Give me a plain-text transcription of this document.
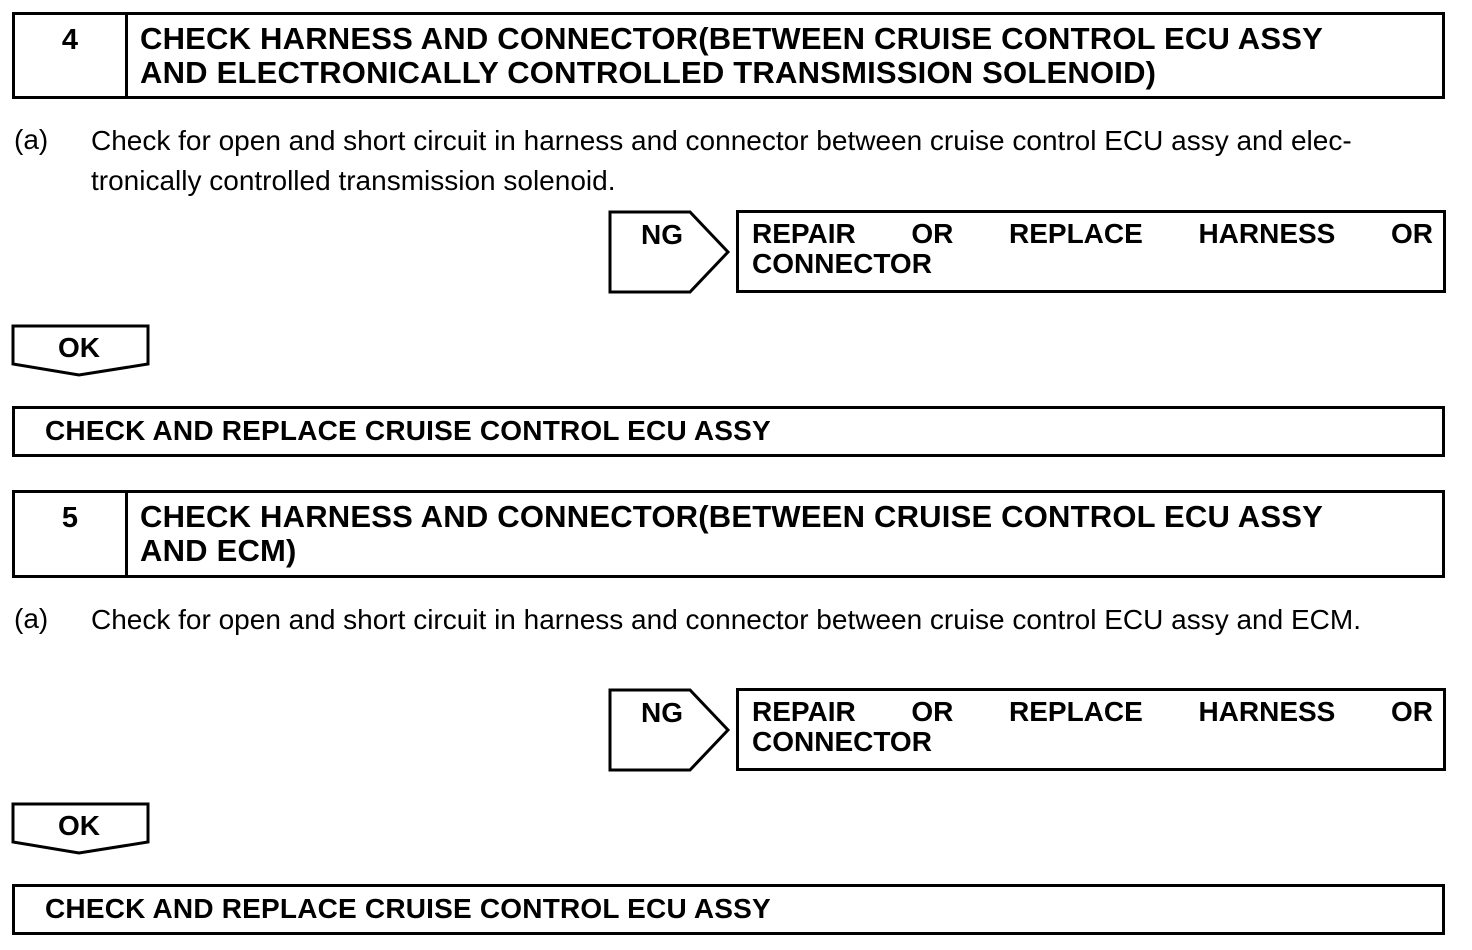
4	CHECK HARNESS AND CONNECTOR(BETWEEN CRUISE CONTROL ECU ASSY
AND ELECTRONICALLY CONTROLLED TRANSMISSION SOLENOID)
(a) Check for open and short circuit in harness and connector between cruise control ECU assy and elec-
tronically controlled transmission solenoid.
NG REPAIR OR REPLACE HARNESS OR
CONNECTOR
OK
CHECK AND REPLACE CRUISE CONTROL ECU ASSY
5	CHECK HARNESS AND CONNECTOR(BETWEEN CRUISE CONTROL ECU ASSY
AND ECM)
(a) Check for open and short circuit in harness and connector between cruise control ECU assy and ECM.
NG REPAIR OR REPLACE HARNESS OR
CONNECTOR
OK
CHECK AND REPLACE CRUISE CONTROL ECU ASSY
